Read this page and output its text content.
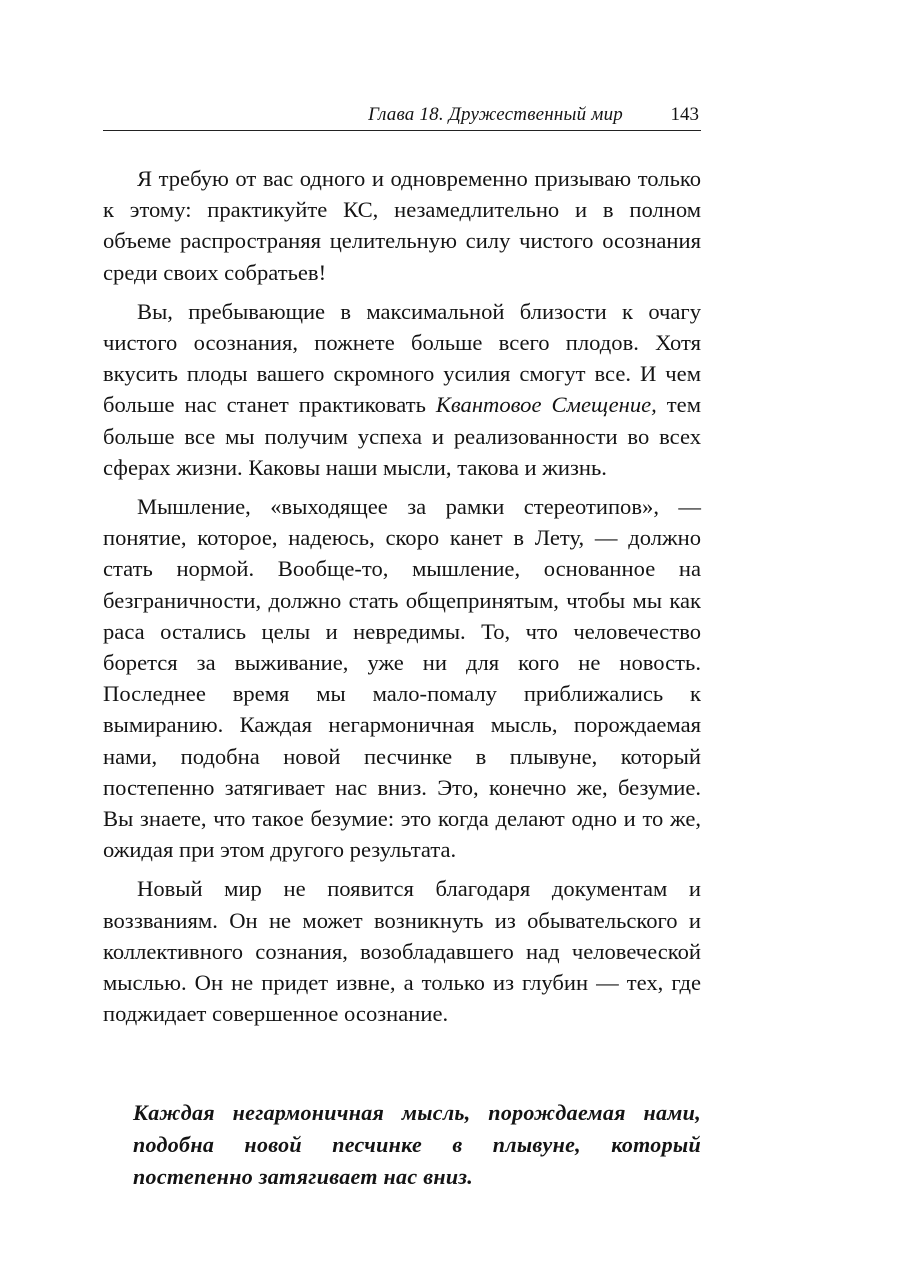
Глава 18. Дружественный мир	143

Я требую от вас одного и одновременно призываю только к этому: практикуйте КС, незамедлительно и в полном объеме распространяя целительную силу чистого осознания среди своих собратьев!

Вы, пребывающие в максимальной близости к очагу чистого осознания, пожнете больше всего плодов. Хотя вкусить плоды вашего скромного усилия смогут все. И чем больше нас станет практиковать Квантовое Смещение, тем больше все мы получим успеха и реализованности во всех сферах жизни. Каковы наши мысли, такова и жизнь.

Мышление, «выходящее за рамки стереотипов», — понятие, которое, надеюсь, скоро канет в Лету, — должно стать нормой. Вообще-то, мышление, основанное на безграничности, должно стать общепринятым, чтобы мы как раса остались целы и невредимы. То, что человечество борется за выживание, уже ни для кого не новость. Последнее время мы мало-помалу приближались к вымиранию. Каждая негармоничная мысль, порождаемая нами, подобна новой песчинке в плывуне, который постепенно затягивает нас вниз. Это, конечно же, безумие. Вы знаете, что такое безумие: это когда делают одно и то же, ожидая при этом другого результата.

Новый мир не появится благодаря документам и воззваниям. Он не может возникнуть из обывательского и коллективного сознания, возобладавшего над человеческой мыслью. Он не придет извне, а только из глубин — тех, где поджидает совершенное осознание.

Каждая негармоничная мысль, порождаемая нами, подобна новой песчинке в плывуне, который постепенно затягивает нас вниз.
